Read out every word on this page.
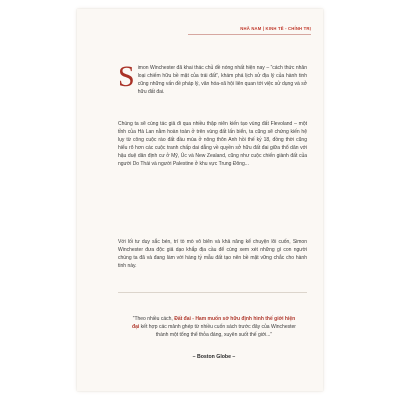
NHÃ NAM | KINH TẾ - CHÍNH TRỊ
Simon Winchester đã khai thác chủ đề nóng nhất hiện nay – “cách thức nhân loại chiếm hữu bề mặt của trái đất”, khám phá lịch sử địa lý của hành tinh cũng những vấn đề pháp lý, văn hóa-xã hội liên quan tới việc sử dụng và sở hữu đất đai.
Chúng ta sẽ cùng tác giả đi qua nhiều thập niên kiến tạo vùng đất Flevoland – một tỉnh của Hà Lan nằm hoàn toàn ở trên vùng đất lấn biển, ta cũng sẽ chứng kiến hệ lụy từ công cuộc rào đất đầu mùa ở nông thôn Anh hồi thế kỷ 18, đồng thời cũng hiểu rõ hơn các cuộc tranh chấp dai dẳng về quyền sở hữu đất đai giữa thổ dân với hậu duệ dân định cư ở Mỹ, Úc và New Zealand, cũng như cuộc chiến giành đất của người Do Thái và người Palestine ở khu vực Trung Đông...
Với lối tư duy sắc bén, trí tò mò vô biên và khả năng kể chuyện lôi cuốn, Simon Winchester đưa độc giả dạo khắp địa cầu để cùng xem xét những gì con người chúng ta đã và đang làm với hàng tỷ mẫu đất tạo nên bề mặt vững chắc cho hành tinh này.
“Theo nhiều cách, Đất đai - Ham muốn sở hữu định hình thế giới hiện đại kết hợp các mảnh ghép từ nhiều cuốn sách trước đây của Winchester thành một tổng thể thỏa đáng, xuyên suốt thế giới...”
– Boston Globe –
